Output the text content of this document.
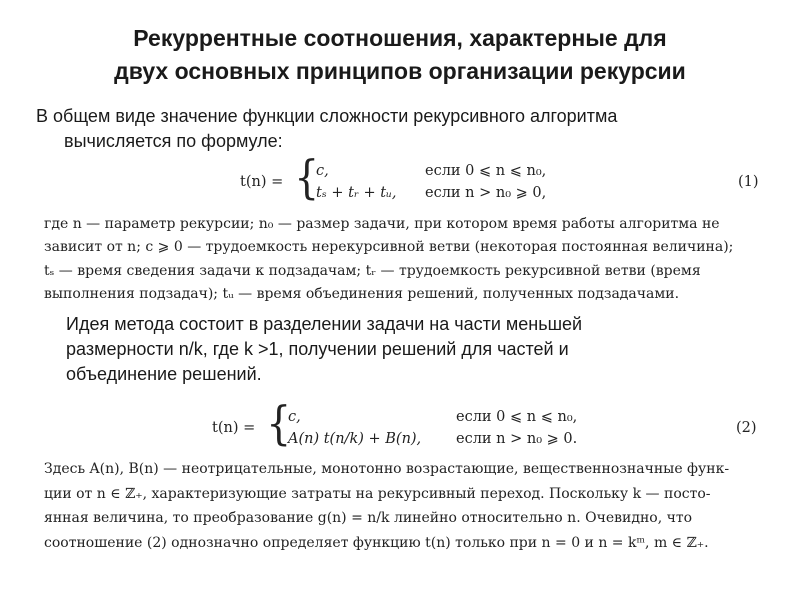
Рекуррентные соотношения, характерные для
двух основных принципов организации рекурсии
В общем виде значение функции сложности рекурсивного алгоритма
вычисляется по формуле:
t(n) = {
c,	если 0 ⩽ n ⩽ n₀,
tₛ + tᵣ + tᵤ, если n > n₀ ⩾ 0,
(1)
где n — параметр рекурсии; n₀ — размер задачи, при котором время работы алгоритма не
зависит от n; c ⩾ 0 — трудоемкость нерекурсивной ветви (некоторая постоянная величина);
tₛ — время сведения задачи к подзадачам; tᵣ — трудоемкость рекурсивной ветви (время
выполнения подзадач); tᵤ — время объединения решений, полученных подзадачами.
Идея метода состоит в разделении задачи на части меньшей
размерности n/k, где k >1, получении решений для частей и
объединение решений.
t(n) = {
c,	если 0 ⩽ n ⩽ n₀,
A(n) t(n/k) + B(n), если n > n₀ ⩾ 0.
(2)
Здесь A(n), B(n) — неотрицательные, монотонно возрастающие, вещественнозначные функ-
ции от n ∈ ℤ₊, характеризующие затраты на рекурсивный переход. Поскольку k — посто-
янная величина, то преобразование g(n) = n/k линейно относительно n. Очевидно, что
соотношение (2) однозначно определяет функцию t(n) только при n = 0 и n = kᵐ, m ∈ ℤ₊.
